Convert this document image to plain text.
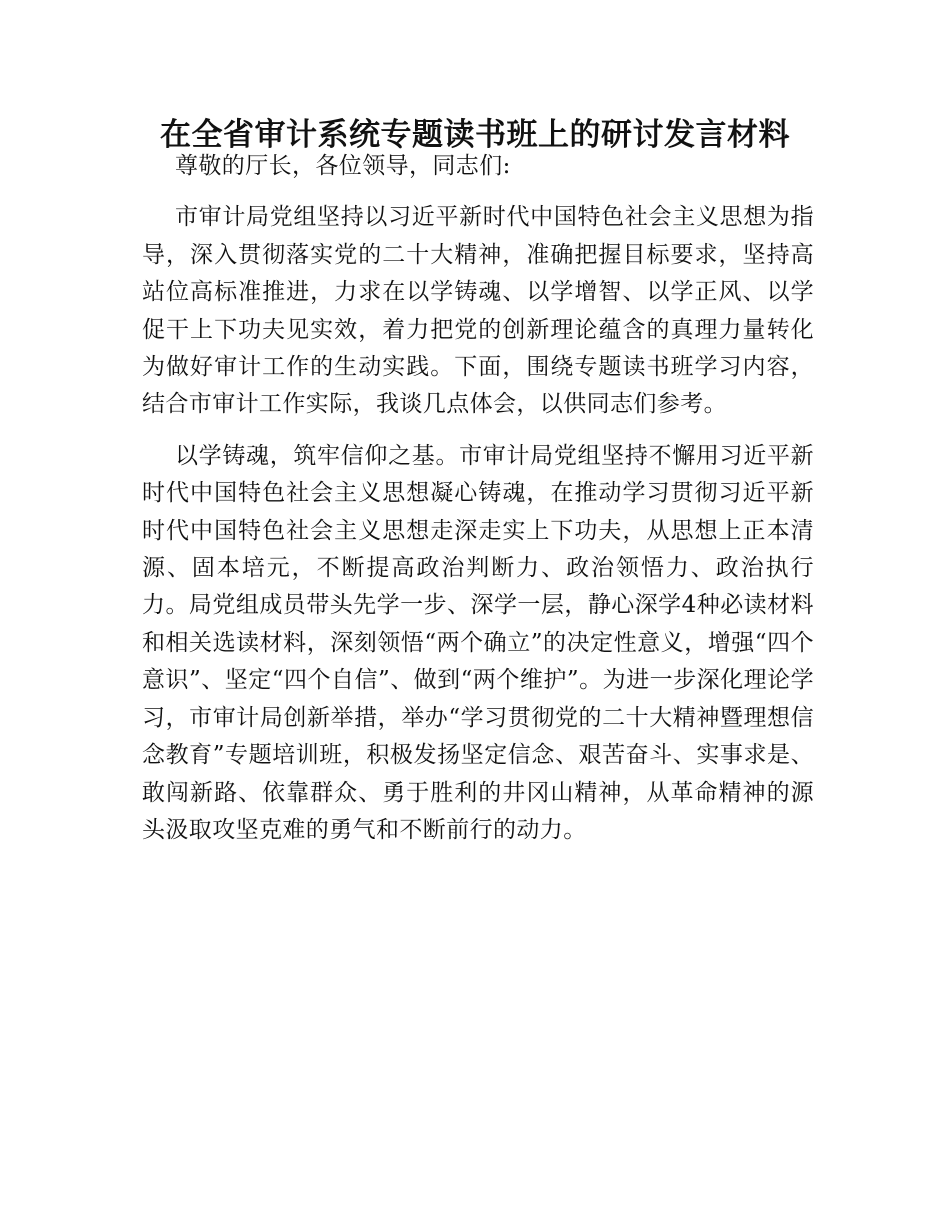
在全省审计系统专题读书班上的研讨发言材料

尊敬的厅长，各位领导，同志们:

市审计局党组坚持以习近平新时代中国特色社会主义思想为指导，深入贯彻落实党的二十大精神，准确把握目标要求，坚持高站位高标准推进，力求在以学铸魂、以学增智、以学正风、以学促干上下功夫见实效，着力把党的创新理论蕴含的真理力量转化为做好审计工作的生动实践。下面，围绕专题读书班学习内容，结合市审计工作实际，我谈几点体会，以供同志们参考。

以学铸魂，筑牢信仰之基。市审计局党组坚持不懈用习近平新时代中国特色社会主义思想凝心铸魂，在推动学习贯彻习近平新时代中国特色社会主义思想走深走实上下功夫，从思想上正本清源、固本培元，不断提高政治判断力、政治领悟力、政治执行力。局党组成员带头先学一步、深学一层，静心深学4种必读材料和相关选读材料，深刻领悟“两个确立”的决定性意义，增强“四个意识”、坚定“四个自信”、做到“两个维护”。为进一步深化理论学习，市审计局创新举措，举办“学习贯彻党的二十大精神暨理想信念教育”专题培训班，积极发扬坚定信念、艰苦奋斗、实事求是、敢闯新路、依靠群众、勇于胜利的井冈山精神，从革命精神的源头汲取攻坚克难的勇气和不断前行的动力。
